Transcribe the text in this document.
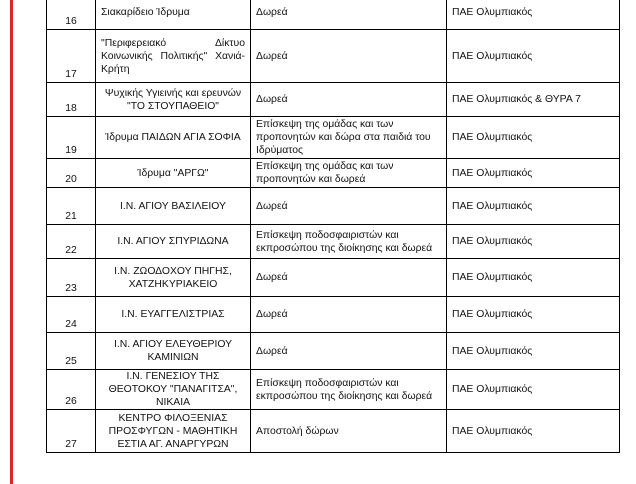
16	Σιακαρίδειο Ίδρυμα	Δωρεά	ΠΑΕ Ολυμπιακός
17	"Περιφερειακό Δίκτυο Κοινωνικής Πολιτικής" Χανιά-Κρήτη	Δωρεά	ΠΑΕ Ολυμπιακός
18	Ψυχικής Υγιεινής και ερευνών "ΤΟ ΣΤΟΥΠΑΘΕΙΟ"	Δωρεά	ΠΑΕ Ολυμπιακός & ΘΥΡΑ 7
19	Ίδρυμα ΠΑΙΔΩΝ ΑΓΙΑ ΣΟΦΙΑ	Επίσκεψη της ομάδας και των προπονητών και δώρα στα παιδιά του Ιδρύματος	ΠΑΕ Ολυμπιακός
20	Ίδρυμα "ΑΡΓΩ"	Επίσκεψη της ομάδας και των προπονητών και δωρεά	ΠΑΕ Ολυμπιακός
21	Ι.Ν. ΑΓΙΟΥ ΒΑΣΙΛΕΙΟΥ	Δωρεά	ΠΑΕ Ολυμπιακός
22	Ι.Ν. ΑΓΙΟΥ ΣΠΥΡΙΔΩΝΑ	Επίσκεψη ποδοσφαιριστών και εκπροσώπου της διοίκησης και δωρεά	ΠΑΕ Ολυμπιακός
23	Ι.Ν. ΖΩΟΔΟΧΟΥ ΠΗΓΗΣ, ΧΑΤΖΗΚΥΡΙΑΚΕΙΟ	Δωρεά	ΠΑΕ Ολυμπιακός
24	Ι.Ν. ΕΥΑΓΓΕΛΙΣΤΡΙΑΣ	Δωρεά	ΠΑΕ Ολυμπιακός
25	Ι.Ν. ΑΓΙΟΥ ΕΛΕΥΘΕΡΙΟΥ ΚΑΜΙΝΙΩΝ	Δωρεά	ΠΑΕ Ολυμπιακός
26	Ι.Ν. ΓΕΝΕΣΙΟΥ ΤΗΣ ΘΕΟΤΟΚΟΥ "ΠΑΝΑΓΙΤΣΑ", ΝΙΚΑΙΑ	Επίσκεψη ποδοσφαιριστών και εκπροσώπου της διοίκησης και δωρεά	ΠΑΕ Ολυμπιακός
27	ΚΕΝΤΡΟ ΦΙΛΟΞΕΝΙΑΣ ΠΡΟΣΦΥΓΩΝ - ΜΑΘΗΤΙΚΗ ΕΣΤΙΑ ΑΓ. ΑΝΑΡΓΥΡΩΝ	Αποστολή δώρων	ΠΑΕ Ολυμπιακός
